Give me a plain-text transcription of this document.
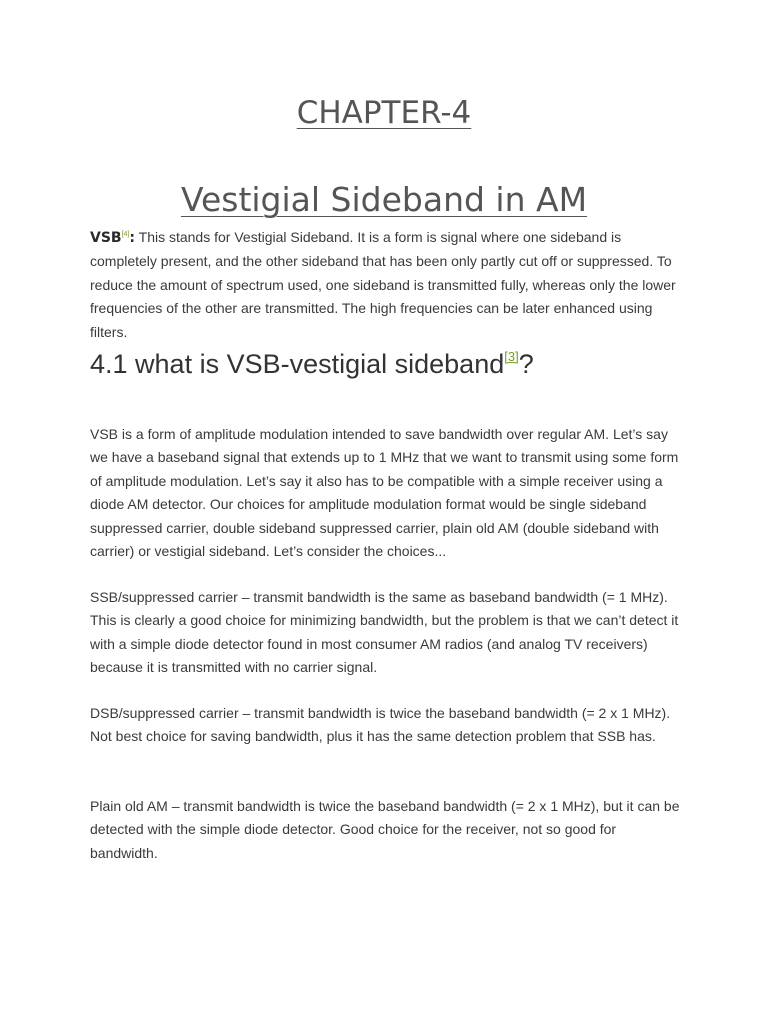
CHAPTER-4
Vestigial Sideband in AM

VSB[4]: This stands for Vestigial Sideband. It is a form is signal where one sideband is completely present, and the other sideband that has been only partly cut off or suppressed. To reduce the amount of spectrum used, one sideband is transmitted fully, whereas only the lower frequencies of the other are transmitted. The high frequencies can be later enhanced using filters.

4.1 what is VSB-vestigial sideband[3]?

VSB is a form of amplitude modulation intended to save bandwidth over regular AM. Let’s say we have a baseband signal that extends up to 1 MHz that we want to transmit using some form of amplitude modulation. Let’s say it also has to be compatible with a simple receiver using a diode AM detector. Our choices for amplitude modulation format would be single sideband suppressed carrier, double sideband suppressed carrier, plain old AM (double sideband with carrier) or vestigial sideband. Let’s consider the choices...

SSB/suppressed carrier – transmit bandwidth is the same as baseband bandwidth (= 1 MHz). This is clearly a good choice for minimizing bandwidth, but the problem is that we can’t detect it with a simple diode detector found in most consumer AM radios (and analog TV receivers) because it is transmitted with no carrier signal.

DSB/suppressed carrier – transmit bandwidth is twice the baseband bandwidth (= 2 x 1 MHz). Not best choice for saving bandwidth, plus it has the same detection problem that SSB has.

Plain old AM – transmit bandwidth is twice the baseband bandwidth (= 2 x 1 MHz), but it can be detected with the simple diode detector. Good choice for the receiver, not so good for bandwidth.
